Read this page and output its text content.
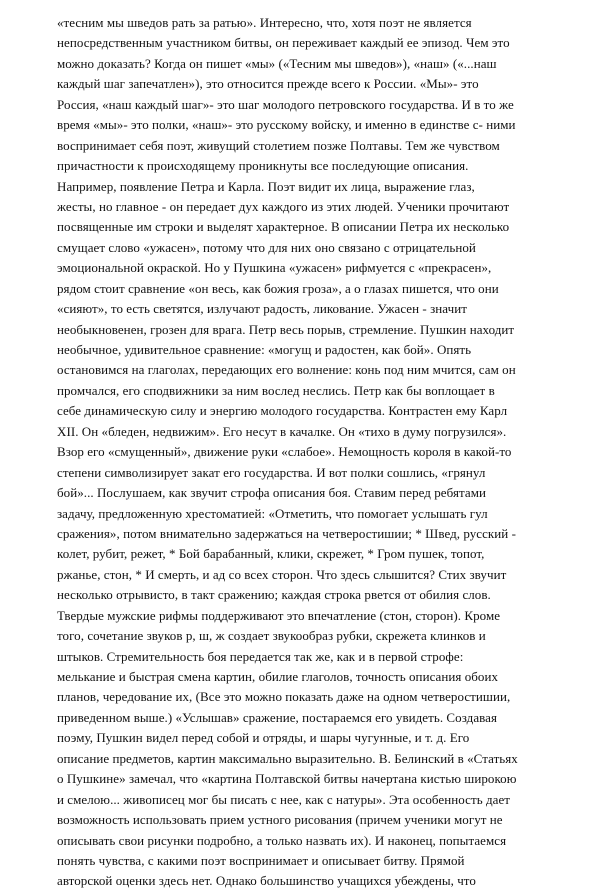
«тесним мы шведов рать за ратью». Интересно, что, хотя поэт не является
непосредственным участником битвы, он переживает каждый ее эпизод. Чем это
можно доказать? Когда он пишет «мы» («Тесним мы шведов»), «наш» («...наш
каждый шаг запечатлен»), это относится прежде всего к России. «Мы»- это
Россия, «наш каждый шаг»- это шаг молодого петровского государства. И в то же
время «мы»- это полки, «наш»- это русскому войску, и именно в единстве с- ними
воспринимает себя поэт, живущий столетием позже Полтавы. Тем же чувством
причастности к происходящему проникнуты все последующие описания.
Например, появление Петра и Карла. Поэт видит их лица, выражение глаз,
жесты, но главное - он передает дух каждого из этих людей. Ученики прочитают
посвященные им строки и выделят характерное. В описании Петра их несколько
смущает слово «ужасен», потому что для них оно связано с отрицательной
эмоциональной окраской. Но у Пушкина «ужасен» рифмуется с «прекрасен»,
рядом стоит сравнение «он весь, как божия гроза», а о глазах пишется, что они
«сияют», то есть светятся, излучают радость, ликование. Ужасен - значит
необыкновенен, грозен для врага. Петр весь порыв, стремление. Пушкин находит
необычное, удивительное сравнение: «могущ и радостен, как бой». Опять
остановимся на глаголах, передающих его волнение: конь под ним мчится, сам он
промчался, его сподвижники за ним вослед неслись. Петр как бы воплощает в
себе динамическую силу и энергию молодого государства. Контрастен ему Карл
XII. Он «бледен, недвижим». Его несут в качалке. Он «тихо в думу погрузился».
Взор его «смущенный», движение руки «слабое». Немощность короля в какой-то
степени символизирует закат его государства. И вот полки сошлись, «грянул
бой»... Послушаем, как звучит строфа описания боя. Ставим перед ребятами
задачу, предложенную хрестоматией: «Отметить, что помогает услышать гул
сражения», потом внимательно задержаться на четверостишии; * Швед, русский -
колет, рубит, режет, * Бой барабанный, клики, скрежет, * Гром пушек, топот,
ржанье, стон, * И смерть, и ад со всех сторон. Что здесь слышится? Стих звучит
несколько отрывисто, в такт сражению; каждая строка рвется от обилия слов.
Твердые мужские рифмы поддерживают это впечатление (стон, сторон). Кроме
того, сочетание звуков р, ш, ж создает звукообраз рубки, скрежета клинков и
штыков. Стремительность боя передается так же, как и в первой строфе:
мелькание и быстрая смена картин, обилие глаголов, точность описания обоих
планов, чередование их, (Все это можно показать даже на одном четверостишии,
приведенном выше.) «Услышав» сражение, постараемся его увидеть. Создавая
поэму, Пушкин видел перед собой и отряды, и шары чугунные, и т. д. Его
описание предметов, картин максимально выразительно. В. Белинский в «Статьях
о Пушкине» замечал, что «картина Полтавской битвы начертана кистью широкою
и смелою... живописец мог бы писать с нее, как с натуры». Эта особенность дает
возможность использовать прием устного рисования (причем ученики могут не
описывать свои рисунки подробно, а только назвать их). И наконец, попытаемся
понять чувства, с какими поэт воспринимает и описывает битву. Прямой
авторской оценки здесь нет. Однако большинство учащихся убеждены, что
